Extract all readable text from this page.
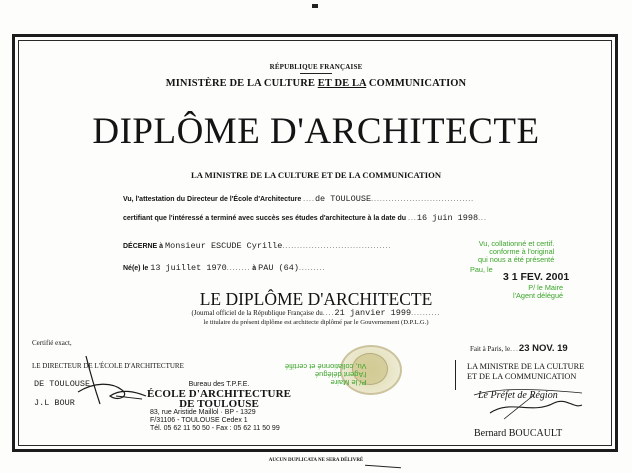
RÉPUBLIQUE FRANÇAISE
MINISTÈRE DE LA CULTURE ET DE LA COMMUNICATION
DIPLÔME D'ARCHITECTE
LA MINISTRE DE LA CULTURE ET DE LA COMMUNICATION
Vu, l'attestation du Directeur de l'École d'Architecture ....de TOULOUSE...................................
certifiant que l'intéressé a terminé avec succès ses études d'architecture à la date du ...16 juin 1998...
DÉCERNE à Monsieur ESCUDE Cyrille.....................................
Né(e) le 13 juillet 1970........ à PAU (64).........
Vu, collationné et certif.
conforme à l'original
qui nous a été présenté
Pau, le
3 1 FEV. 2001
P/ le Maire
l'Agent délégué
LE DIPLÔME D'ARCHITECTE
(Journal officiel de la République Française du....21 janvier 1999..........
le titulaire du présent diplôme est architecte diplômé par le Gouvernement (D.P.L.G.)
Certifié exact,
LE DIRECTEUR DE L'ÉCOLE D'ARCHITECTURE
DE TOULOUSE
J.L BOUR
Bureau des T.P.F.E.
ÉCOLE D'ARCHITECTURE
DE TOULOUSE
83, rue Aristide Maillol · BP - 1329
F/31106 - TOULOUSE Cedex 1
Tél. 05 62 11 50 50 - Fax : 05 62 11 50 99
P/ le Maire
l'Agent délégué
Vu, collationné et certifié
Fait à Paris, le...23 NOV. 19
LA MINISTRE DE LA CULTURE
ET DE LA COMMUNICATION
Le Préfet de Région
Bernard BOUCAULT
AUCUN DUPLICATA NE SERA DÉLIVRÉ
